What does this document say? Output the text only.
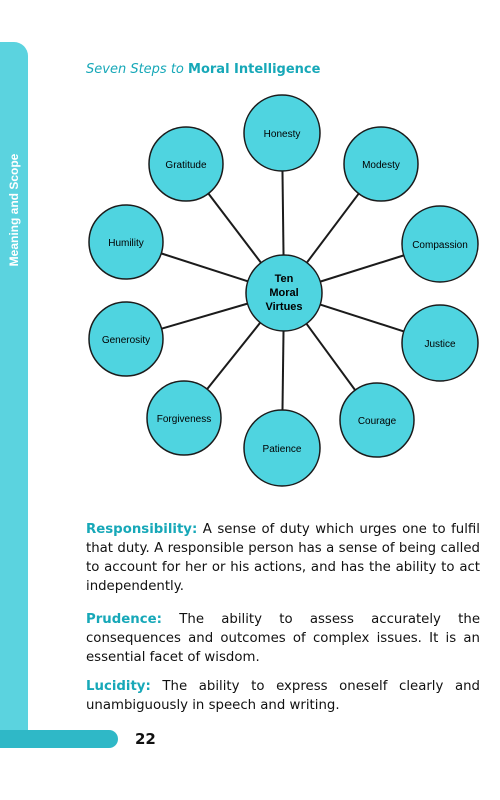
Meaning and Scope
Seven Steps to Moral Intelligence
Honesty
Modesty
Compassion
Justice
Courage
Patience
Forgiveness
Generosity
Humility
Gratitude
Ten
Moral
Virtues

Responsibility: A sense of duty which urges one to fulfil that duty. A responsible person has a sense of being called to account for her or his actions, and has the ability to act independently.

Prudence: The ability to assess accurately the consequences and outcomes of complex issues. It is an essential facet of wisdom.

Lucidity: The ability to express oneself clearly and unambiguously in speech and writing.

22
